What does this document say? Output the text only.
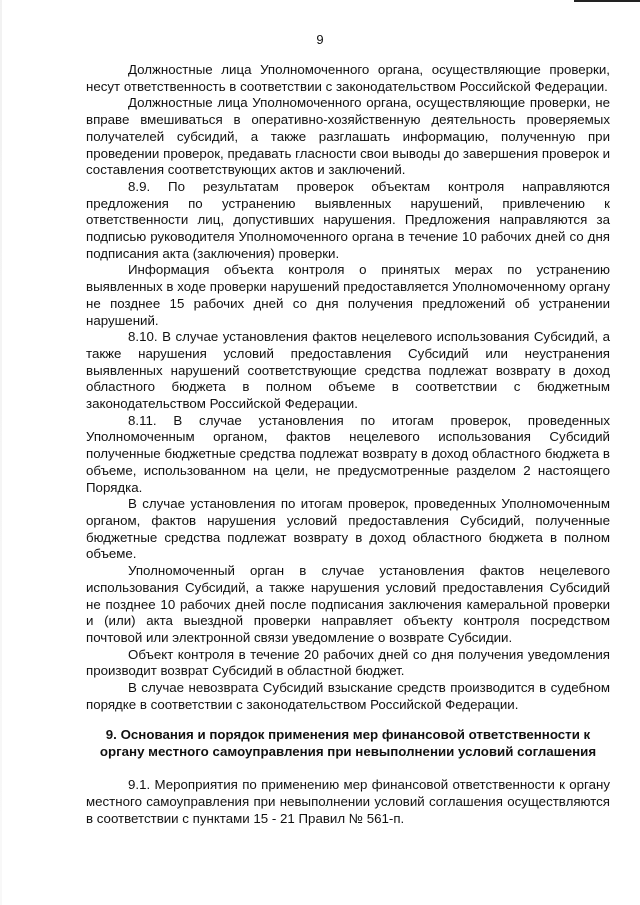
9

Должностные лица Уполномоченного органа, осуществляющие проверки, несут ответственность в соответствии с законодательством Российской Федерации.

Должностные лица Уполномоченного органа, осуществляющие проверки, не вправе вмешиваться в оперативно-хозяйственную деятельность проверяемых получателей субсидий, а также разглашать информацию, полученную при проведении проверок, предавать гласности свои выводы до завершения проверок и составления соответствующих актов и заключений.

8.9. По результатам проверок объектам контроля направляются предложения по устранению выявленных нарушений, привлечению к ответственности лиц, допустивших нарушения. Предложения направляются за подписью руководителя Уполномоченного органа в течение 10 рабочих дней со дня подписания акта (заключения) проверки.

Информация объекта контроля о принятых мерах по устранению выявленных в ходе проверки нарушений предоставляется Уполномоченному органу не позднее 15 рабочих дней со дня получения предложений об устранении нарушений.

8.10. В случае установления фактов нецелевого использования Субсидий, а также нарушения условий предоставления Субсидий или неустранения выявленных нарушений соответствующие средства подлежат возврату в доход областного бюджета в полном объеме в соответствии с бюджетным законодательством Российской Федерации.

8.11. В случае установления по итогам проверок, проведенных Уполномоченным органом, фактов нецелевого использования Субсидий полученные бюджетные средства подлежат возврату в доход областного бюджета в объеме, использованном на цели, не предусмотренные разделом 2 настоящего Порядка.

В случае установления по итогам проверок, проведенных Уполномоченным органом, фактов нарушения условий предоставления Субсидий, полученные бюджетные средства подлежат возврату в доход областного бюджета в полном объеме.

Уполномоченный орган в случае установления фактов нецелевого использования Субсидий, а также нарушения условий предоставления Субсидий не позднее 10 рабочих дней после подписания заключения камеральной проверки и (или) акта выездной проверки направляет объекту контроля посредством почтовой или электронной связи уведомление о возврате Субсидии.

Объект контроля в течение 20 рабочих дней со дня получения уведомления производит возврат Субсидий в областной бюджет.

В случае невозврата Субсидий взыскание средств производится в судебном порядке в соответствии с законодательством Российской Федерации.

9. Основания и порядок применения мер финансовой ответственности к органу местного самоуправления при невыполнении условий соглашения

9.1. Мероприятия по применению мер финансовой ответственности к органу местного самоуправления при невыполнении условий соглашения осуществляются в соответствии с пунктами 15 - 21 Правил № 561-п.
